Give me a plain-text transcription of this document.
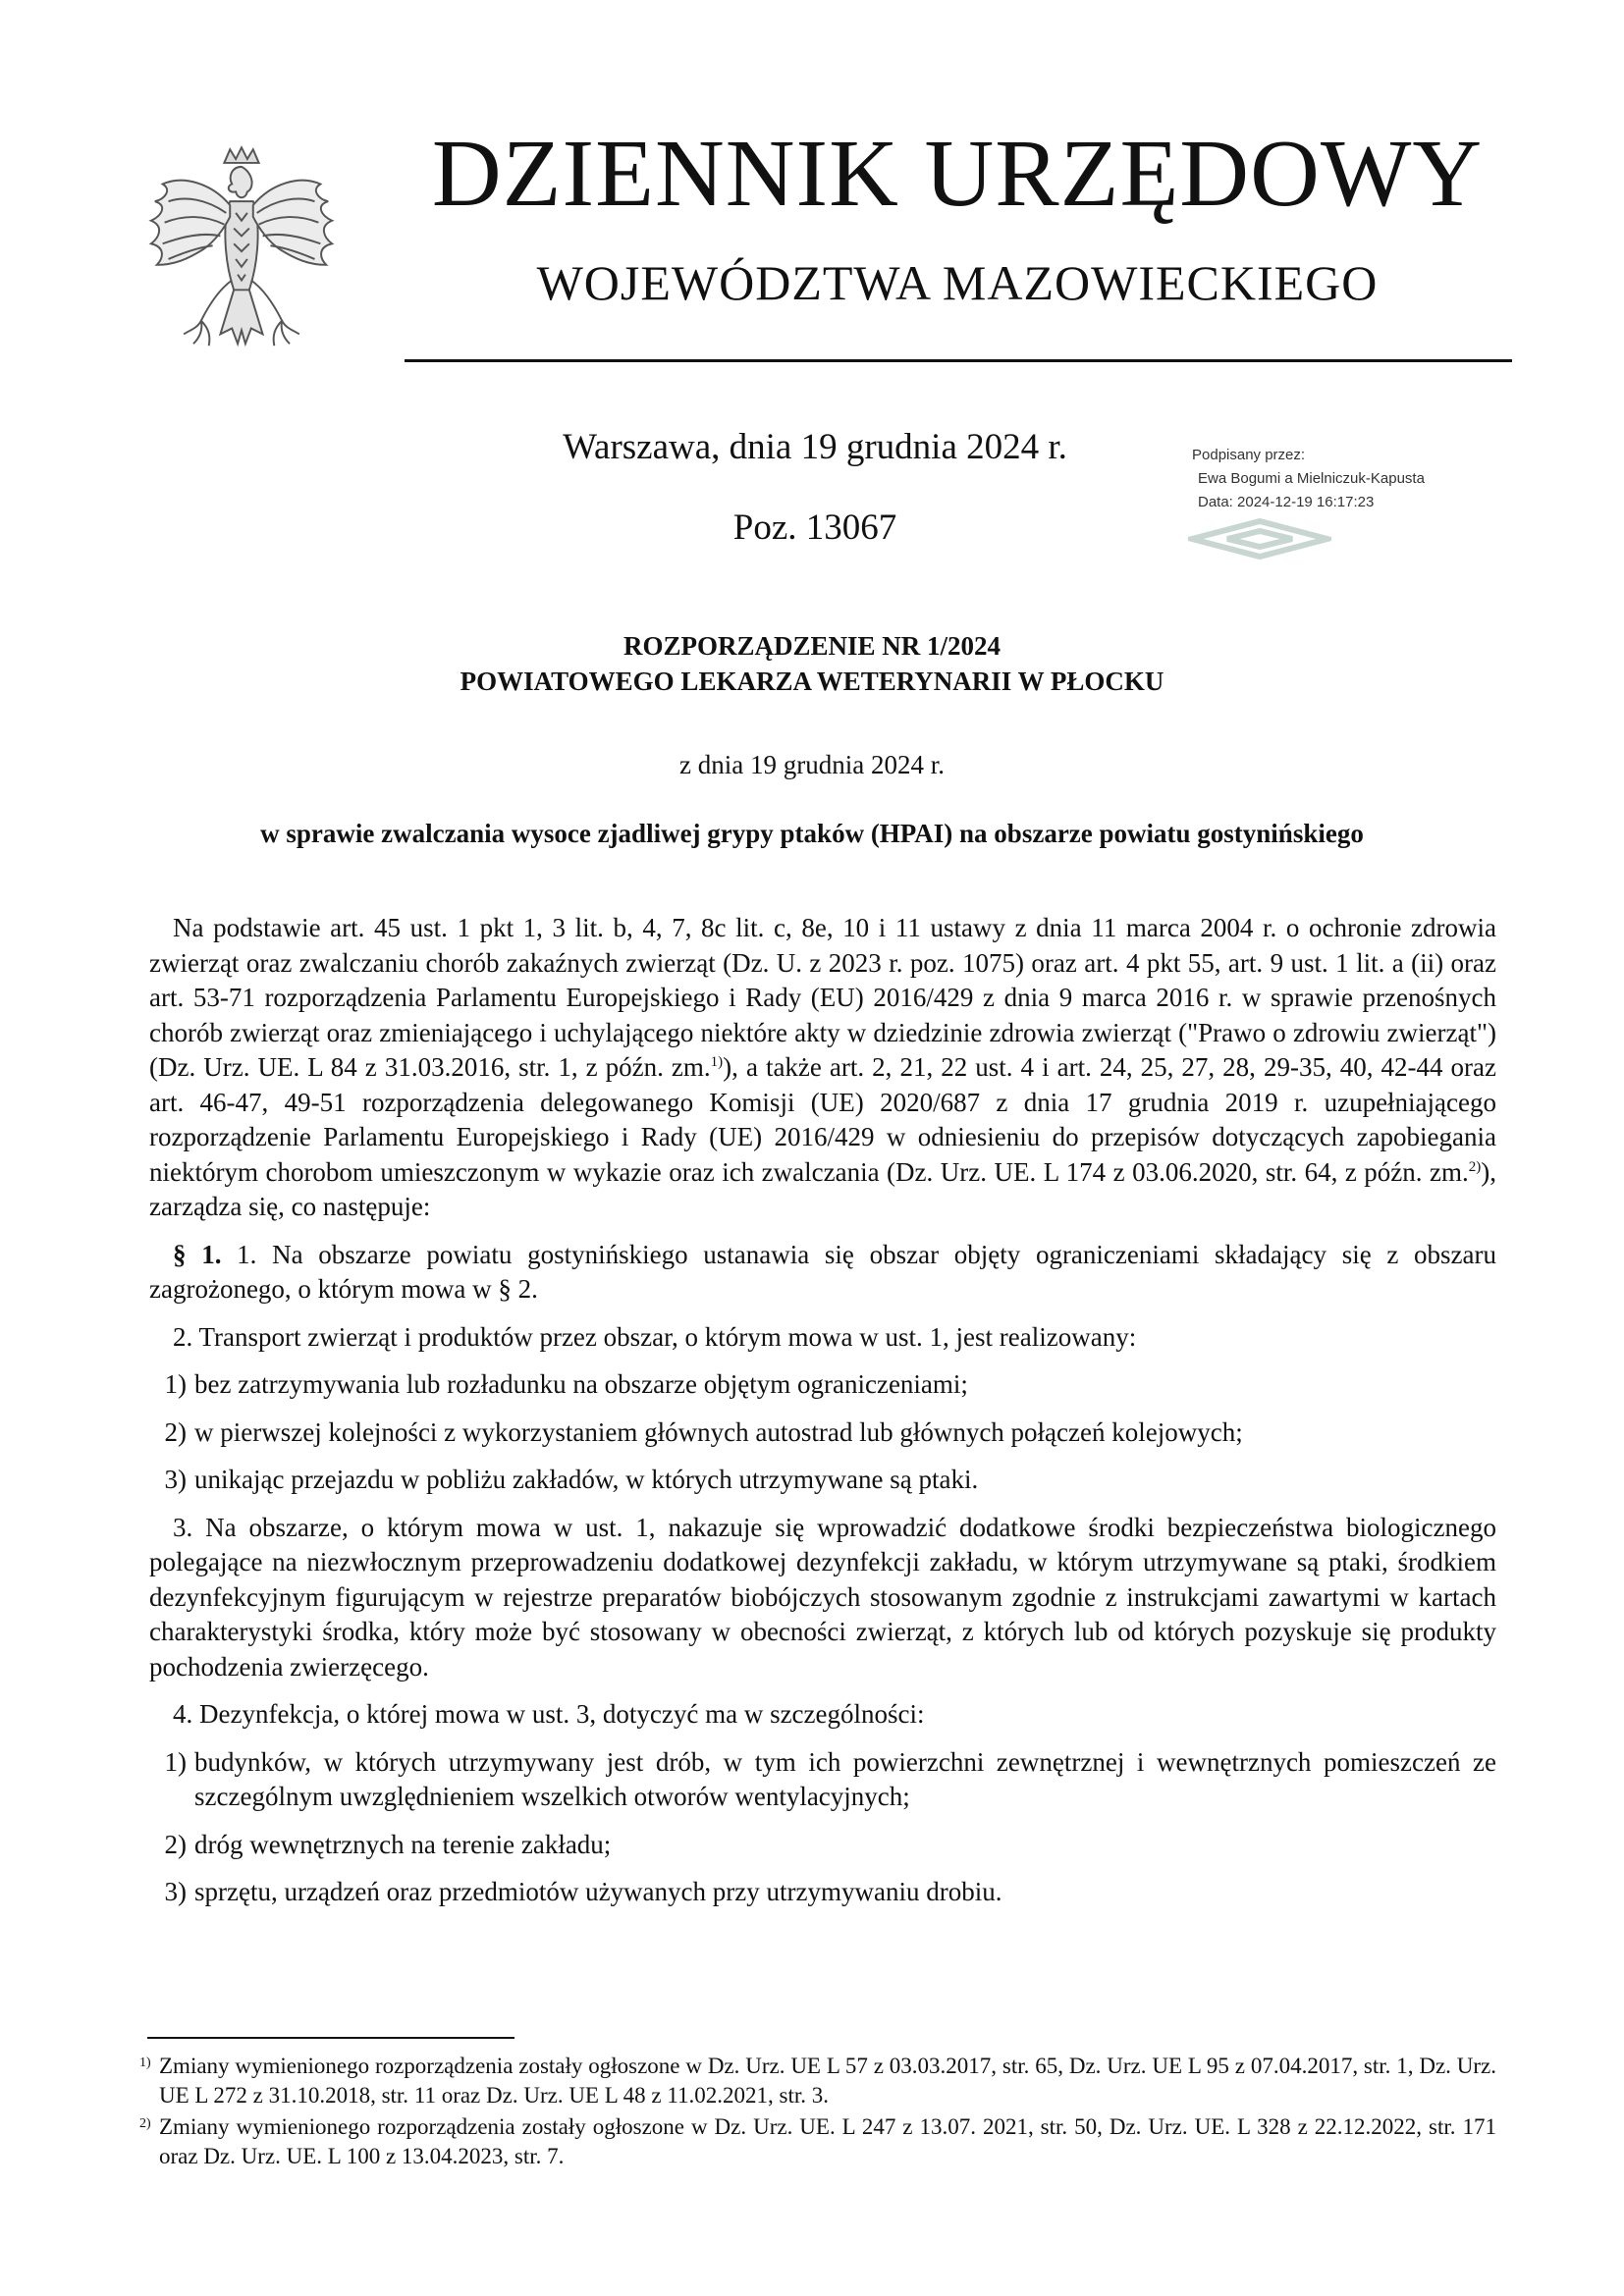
DZIENNIK URZĘDOWY
WOJEWÓDZTWA MAZOWIECKIEGO
Warszawa, dnia 19 grudnia 2024 r.
Poz. 13067
Podpisany przez:
Ewa Bogumi a Mielniczuk-Kapusta
Data: 2024-12-19 16:17:23
ROZPORZĄDZENIE NR 1/2024
POWIATOWEGO LEKARZA WETERYNARII W PŁOCKU
z dnia 19 grudnia 2024 r.
w sprawie zwalczania wysoce zjadliwej grypy ptaków (HPAI) na obszarze powiatu gostynińskiego

Na podstawie art. 45 ust. 1 pkt 1, 3 lit. b, 4, 7, 8c lit. c, 8e, 10 i 11 ustawy z dnia 11 marca 2004 r. o ochronie zdrowia zwierząt oraz zwalczaniu chorób zakaźnych zwierząt (Dz. U. z 2023 r. poz. 1075) oraz art. 4 pkt 55, art. 9 ust. 1 lit. a (ii) oraz art. 53-71 rozporządzenia Parlamentu Europejskiego i Rady (EU) 2016/429 z dnia 9 marca 2016 r. w sprawie przenośnych chorób zwierząt oraz zmieniającego i uchylającego niektóre akty w dziedzinie zdrowia zwierząt ("Prawo o zdrowiu zwierząt") (Dz. Urz. UE. L 84 z 31.03.2016, str. 1, z późn. zm.$^{1)}$), a także art. 2, 21, 22 ust. 4 i art. 24, 25, 27, 28, 29-35, 40, 42-44 oraz art. 46-47, 49-51 rozporządzenia delegowanego Komisji (UE) 2020/687 z dnia 17 grudnia 2019 r. uzupełniającego rozporządzenie Parlamentu Europejskiego i Rady (UE) 2016/429 w odniesieniu do przepisów dotyczących zapobiegania niektórym chorobom umieszczonym w wykazie oraz ich zwalczania (Dz. Urz. UE. L 174 z 03.06.2020, str. 64, z późn. zm.$^{2)}$), zarządza się, co następuje:

§ 1. 1. Na obszarze powiatu gostynińskiego ustanawia się obszar objęty ograniczeniami składający się z obszaru zagrożonego, o którym mowa w § 2.

2. Transport zwierząt i produktów przez obszar, o którym mowa w ust. 1, jest realizowany:

1) bez zatrzymywania lub rozładunku na obszarze objętym ograniczeniami;
2) w pierwszej kolejności z wykorzystaniem głównych autostrad lub głównych połączeń kolejowych;
3) unikając przejazdu w pobliżu zakładów, w których utrzymywane są ptaki.

3. Na obszarze, o którym mowa w ust. 1, nakazuje się wprowadzić dodatkowe środki bezpieczeństwa biologicznego polegające na niezwłocznym przeprowadzeniu dodatkowej dezynfekcji zakładu, w którym utrzymywane są ptaki, środkiem dezynfekcyjnym figurującym w rejestrze preparatów biobójczych stosowanym zgodnie z instrukcjami zawartymi w kartach charakterystyki środka, który może być stosowany w obecności zwierząt, z których lub od których pozyskuje się produkty pochodzenia zwierzęcego.

4. Dezynfekcja, o której mowa w ust. 3, dotyczyć ma w szczególności:

1) budynków, w których utrzymywany jest drób, w tym ich powierzchni zewnętrznej i wewnętrznych pomieszczeń ze szczególnym uwzględnieniem wszelkich otworów wentylacyjnych;
2) dróg wewnętrznych na terenie zakładu;
3) sprzętu, urządzeń oraz przedmiotów używanych przy utrzymywaniu drobiu.
1) Zmiany wymienionego rozporządzenia zostały ogłoszone w Dz. Urz. UE L 57 z 03.03.2017, str. 65, Dz. Urz. UE L 95 z 07.04.2017, str. 1, Dz. Urz. UE L 272 z 31.10.2018, str. 11 oraz Dz. Urz. UE L 48 z 11.02.2021, str. 3.
2) Zmiany wymienionego rozporządzenia zostały ogłoszone w Dz. Urz. UE. L 247 z 13.07. 2021, str. 50, Dz. Urz. UE. L 328 z 22.12.2022, str. 171 oraz Dz. Urz. UE. L 100 z 13.04.2023, str. 7.
